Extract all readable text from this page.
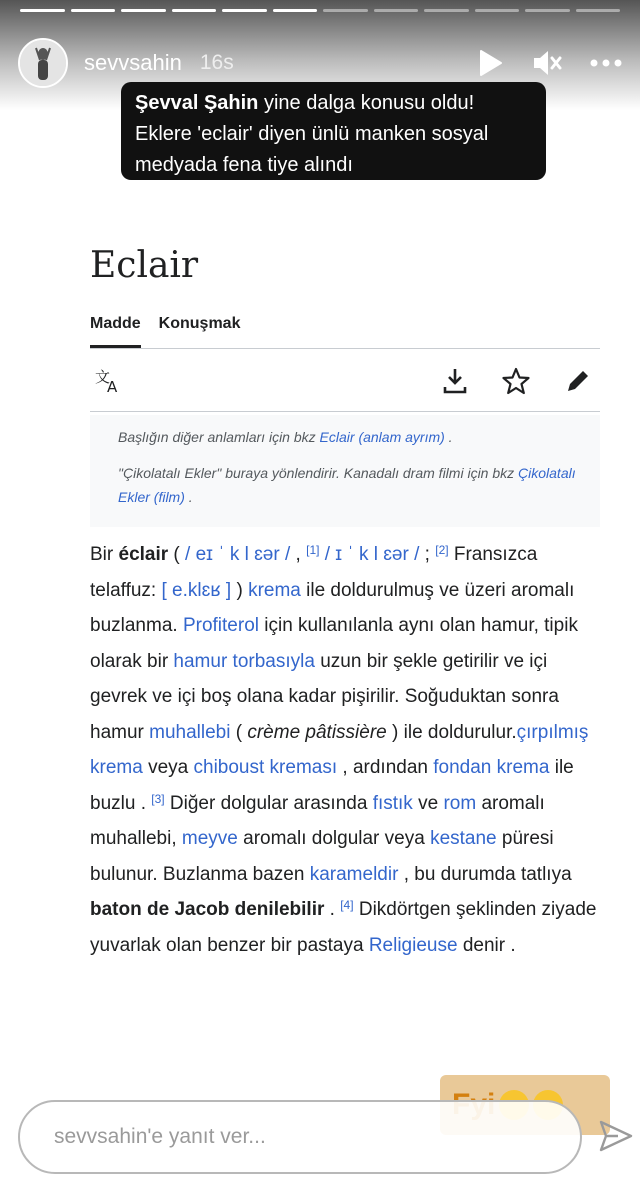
sevvsahin 16s
Şevval Şahin yine dalga konusu oldu!
Eklere 'eclair' diyen ünlü manken sosyal
medyada fena tiye alındı
Eclair
Madde Konuşmak
文
A

Başlığın diğer anlamları için bkz Eclair (anlam ayrım) .

"Çikolatalı Ekler" buraya yönlendirir. Kanadalı dram filmi için bkz Çikolatalı Ekler (film) .

Bir éclair ( / eɪ ˈ k l ɛər / , [1] / ɪ ˈ k l ɛər / ; [2] Fransızca telaffuz: [ e.klɛʁ ] ) krema ile doldurulmuş ve üzeri aromalı buzlanma. Profiterol için kullanılanla aynı olan hamur, tipik olarak bir hamur torbasıyla uzun bir şekle getirilir ve içi gevrek ve içi boş olana kadar pişirilir. Soğuduktan sonra hamur muhallebi ( crème pâtissière ) ile doldurulur.çırpılmış krema veya chiboust kreması , ardından fondan krema ile buzlu . [3] Diğer dolgular arasında fıstık ve rom aromalı muhallebi, meyve aromalı dolgular veya kestane püresi bulunur. Buzlanma bazen karameldir , bu durumda tatlıya baton de Jacob denilebilir . [4] Dikdörtgen şeklinden ziyade yuvarlak olan benzer bir pastaya Religieuse denir .
sevvsahin'e yanıt ver...
